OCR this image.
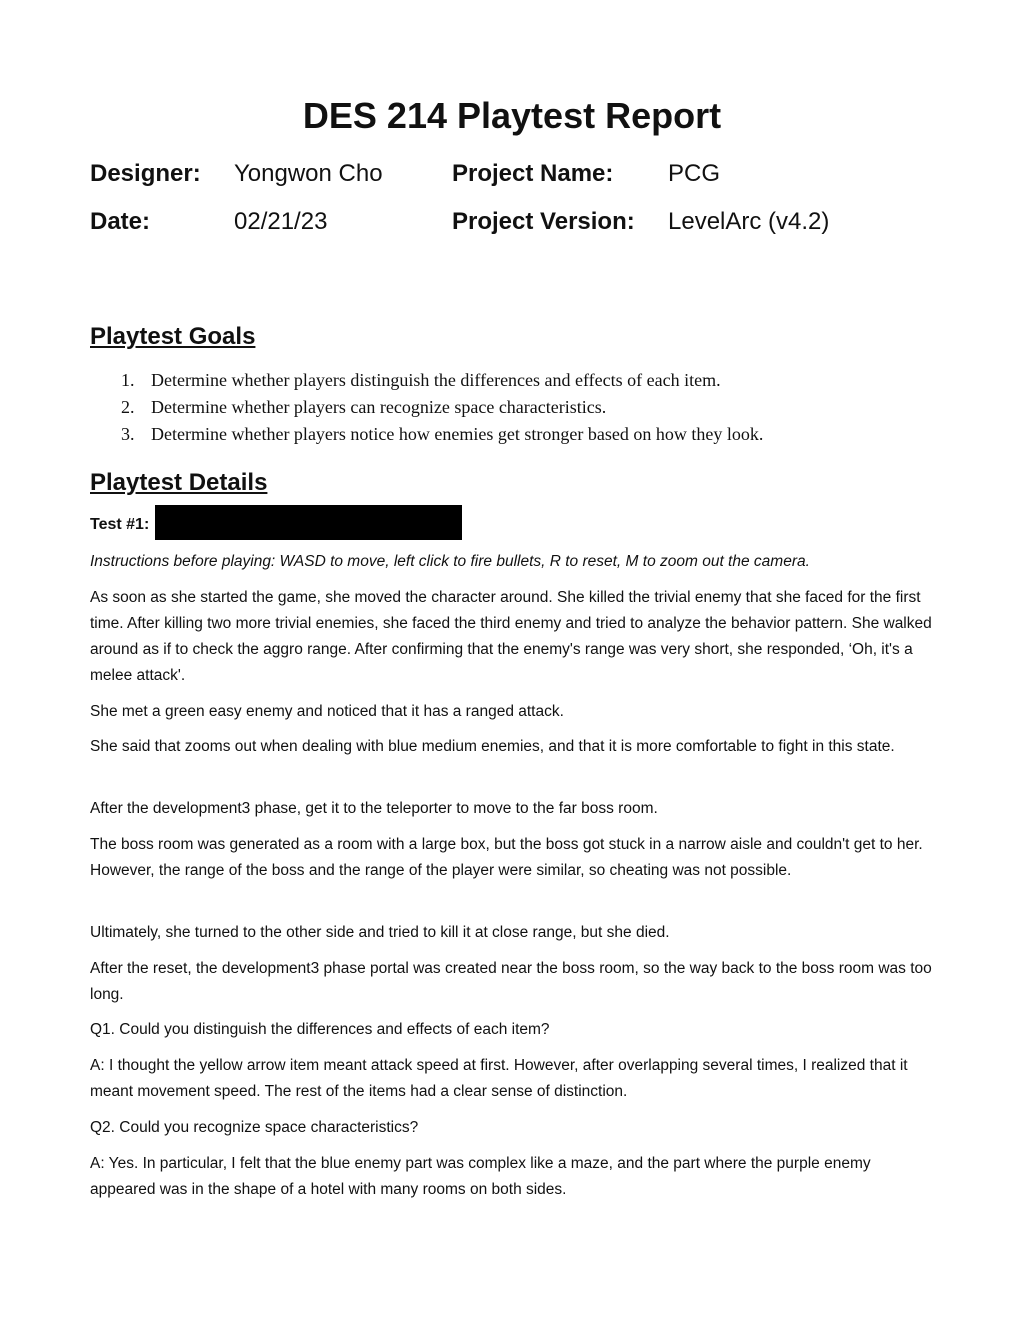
DES 214 Playtest Report
Designer: Yongwon Cho	Project Name: PCG
Date:	02/21/23	Project Version: LevelArc (v4.2)
Playtest Goals
1. Determine whether players distinguish the differences and effects of each item.
2. Determine whether players can recognize space characteristics.
3. Determine whether players notice how enemies get stronger based on how they look.
Playtest Details
Test #1:

Instructions before playing: WASD to move, left click to fire bullets, R to reset, M to zoom out the camera.

As soon as she started the game, she moved the character around. She killed the trivial enemy that she faced for the first time. After killing two more trivial enemies, she faced the third enemy and tried to analyze the behavior pattern. She walked around as if to check the aggro range. After confirming that the enemy's range was very short, she responded, ‘Oh, it's a melee attack'.

She met a green easy enemy and noticed that it has a ranged attack.

She said that zooms out when dealing with blue medium enemies, and that it is more comfortable to fight in this state.

After the development3 phase, get it to the teleporter to move to the far boss room.

The boss room was generated as a room with a large box, but the boss got stuck in a narrow aisle and couldn't get to her. However, the range of the boss and the range of the player were similar, so cheating was not possible.

Ultimately, she turned to the other side and tried to kill it at close range, but she died.

After the reset, the development3 phase portal was created near the boss room, so the way back to the boss room was too long.

Q1. Could you distinguish the differences and effects of each item?

A: I thought the yellow arrow item meant attack speed at first. However, after overlapping several times, I realized that it meant movement speed. The rest of the items had a clear sense of distinction.

Q2. Could you recognize space characteristics?

A: Yes. In particular, I felt that the blue enemy part was complex like a maze, and the part where the purple enemy appeared was in the shape of a hotel with many rooms on both sides.
